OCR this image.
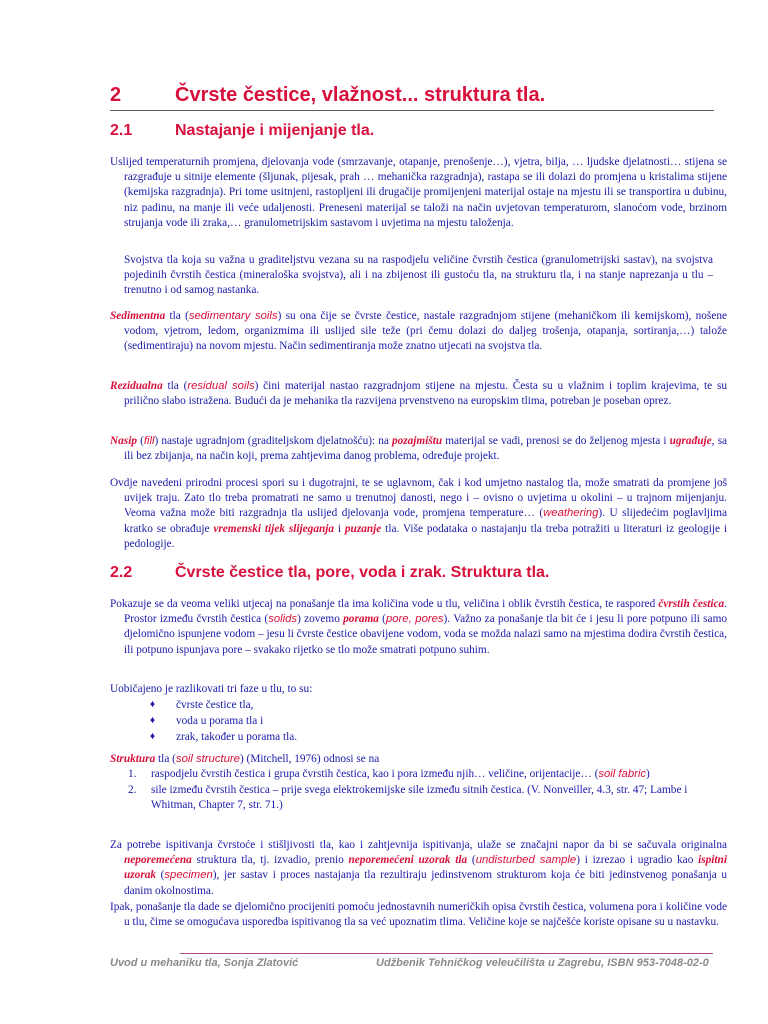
2	Čvrste čestice, vlažnost... struktura tla.
2.1	Nastajanje i mijenjanje tla.
Uslijed temperaturnih promjena, djelovanja vode (smrzavanje, otapanje, prenošenje…), vjetra, bilja, … ljudske djelatnosti… stijena se razgrađuje u sitnije elemente (šljunak, pijesak, prah … mehanička razgradnja), rastapa se ili dolazi do promjena u kristalima stijene (kemijska razgradnja). Pri tome usitnjeni, rastopljeni ili drugačije promijenjeni materijal ostaje na mjestu ili se transportira u dubinu, niz padinu, na manje ili veće udaljenosti. Preneseni materijal se taloži na način uvjetovan temperaturom, slanoćom vode, brzinom strujanja vode ili zraka,… granulometrijskim sastavom i uvjetima na mjestu taloženja.
Svojstva tla koja su važna u graditeljstvu vezana su na raspodjelu veličine čvrstih čestica (granulometrijski sastav), na svojstva pojedinih čvrstih čestica (mineraloška svojstva), ali i na zbijenost ili gustoću tla, na strukturu tla, i na stanje naprezanja u tlu – trenutno i od samog nastanka.
Sedimentna tla (sedimentary soils) su ona čije se čvrste čestice, nastale razgradnjom stijene (mehaničkom ili kemijskom), nošene vodom, vjetrom, ledom, organizmima ili uslijed sile teže (pri čemu dolazi do daljeg trošenja, otapanja, sortiranja,…) talože (sedimentiraju) na novom mjestu. Način sedimentiranja može znatno utjecati na svojstva tla.
Rezidualna tla (residual soils) čini materijal nastao razgradnjom stijene na mjestu. Česta su u vlažnim i toplim krajevima, te su prilično slabo istražena. Budući da je mehanika tla razvijena prvenstveno na europskim tlima, potreban je poseban oprez.
Nasip (fill) nastaje ugradnjom (graditeljskom djelatnošću): na pozajmištu materijal se vadi, prenosi se do željenog mjesta i ugrađuje, sa ili bez zbijanja, na način koji, prema zahtjevima danog problema, određuje projekt.
Ovdje navedeni prirodni procesi spori su i dugotrajni, te se uglavnom, čak i kod umjetno nastalog tla, može smatrati da promjene još uvijek traju. Zato tlo treba promatrati ne samo u trenutnoj danosti, nego i – ovisno o uvjetima u okolini – u trajnom mijenjanju. Veoma važna može biti razgradnja tla uslijed djelovanja vode, promjena temperature… (weathering). U slijedećim poglavljima kratko se obrađuje vremenski tijek slijeganja i puzanje tla. Više podataka o nastajanju tla treba potražiti u literaturi iz geologije i pedologije.
2.2	Čvrste čestice tla, pore, voda i zrak. Struktura tla.
Pokazuje se da veoma veliki utjecaj na ponašanje tla ima količina vode u tlu, veličina i oblik čvrstih čestica, te raspored čvrstih čestica. Prostor između čvrstih čestica (solids) zovemo porama (pore, pores). Važno za ponašanje tla bit će i jesu li pore potpuno ili samo djelomično ispunjene vodom – jesu li čvrste čestice obavijene vodom, voda se možda nalazi samo na mjestima dodira čvrstih čestica, ili potpuno ispunjava pore – svakako rijetko se tlo može smatrati potpuno suhim.
Uobičajeno je razlikovati tri faze u tlu, to su:
♦ čvrste čestice tla,
♦ voda u porama tla i
♦ zrak, također u porama tla.
Struktura tla (soil structure) (Mitchell, 1976) odnosi se na
1. raspodjelu čvrstih čestica i grupa čvrstih čestica, kao i pora između njih… veličine, orijentacije… (soil fabric)
2. sile između čvrstih čestica – prije svega elektrokemijske sile između sitnih čestica. (V. Nonveiller, 4.3, str. 47; Lambe i Whitman, Chapter 7, str. 71.)
Za potrebe ispitivanja čvrstoće i stišljivosti tla, kao i zahtjevnija ispitivanja, ulaže se značajni napor da bi se sačuvala originalna neporemećena struktura tla, tj. izvadio, prenio neporemećeni uzorak tla (undisturbed sample) i izrezao i ugradio kao ispitni uzorak (specimen), jer sastav i proces nastajanja tla rezultiraju jedinstvenom strukturom koja će biti jedinstvenog ponašanja u danim okolnostima.
Ipak, ponašanje tla dade se djelomično procijeniti pomoću jednostavnih numeričkih opisa čvrstih čestica, volumena pora i količine vode u tlu, čime se omogućava usporedba ispitivanog tla sa već upoznatim tlima. Veličine koje se najčešće koriste opisane su u nastavku.
Uvod u mehaniku tla, Sonja Zlatović	Udžbenik Tehničkog veleučilišta u Zagrebu, ISBN 953-7048-02-0
